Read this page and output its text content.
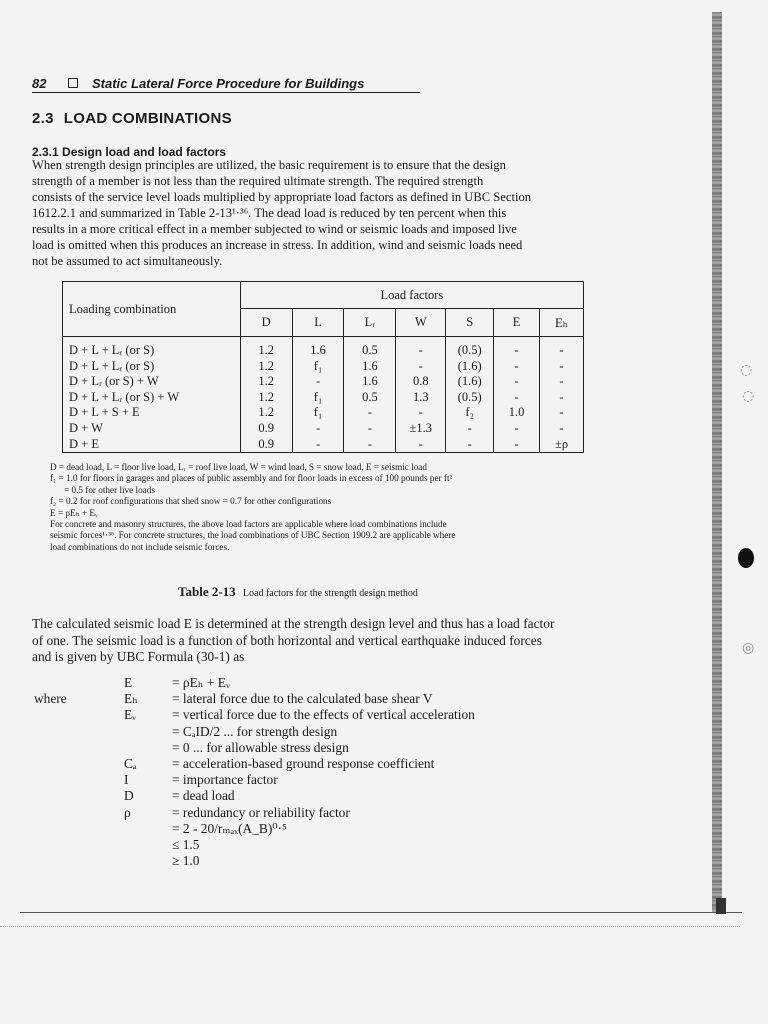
82	Static Lateral Force Procedure for Buildings
2.3 LOAD COMBINATIONS
2.3.1 Design load and load factors
When strength design principles are utilized, the basic requirement is to ensure that the design
strength of a member is not less than the required ultimate strength. The required strength
consists of the service level loads multiplied by appropriate load factors as defined in UBC Section
1612.2.1 and summarized in Table 2-13¹·³⁶. The dead load is reduced by ten percent when this
results in a more critical effect in a member subjected to wind or seismic loads and imposed live
load is omitted when this produces an increase in stress. In addition, wind and seismic loads need
not be assumed to act simultaneously.
Loading combination	Load factors						
	D	L	Lᵣ	W	S	E	Eₕ
D + L + Lᵣ (or S)	1.2	1.6	0.5	-	(0.5)	-	-
D + L + Lᵣ (or S)	1.2	f₁	1.6	-	(1.6)	-	-
D + Lᵣ (or S) + W	1.2	-	1.6	0.8	(1.6)	-	-
D + L + Lᵣ (or S) + W	1.2	f₁	0.5	1.3	(0.5)	-	-
D + L + S + E	1.2	f₁	-	-	f₂	1.0	-
D + W	0.9	-	-	±1.3	-	-	-
D + E	0.9	-	-	-	-	-	±ρ
D = dead load, L = floor live load, Lᵣ = roof live load, W = wind load, S = snow load, E = seismic load
f₁ = 1.0 for floors in garages and places of public assembly and for floor loads in excess of 100 pounds per ft²
= 0.5 for other live loads
f₂ = 0.2 for roof configurations that shed snow = 0.7 for other configurations
E = ρEₕ + Eᵥ
For concrete and masonry structures, the above load factors are applicable where load combinations include
seismic forces¹·³⁶. For concrete structures, the load combinations of UBC Section 1909.2 are applicable where
load combinations do not include seismic forces.
Table 2-13 Load factors for the strength design method
The calculated seismic load E is determined at the strength design level and thus has a load factor
of one. The seismic load is a function of both horizontal and vertical earthquake induced forces
and is given by UBC Formula (30-1) as
E	= ρEₕ + Eᵥ
where	Eₕ	= lateral force due to the calculated base shear V
Eᵥ	= vertical force due to the effects of vertical acceleration
= CₐID/2 ... for strength design
= 0 ... for allowable stress design
Cₐ	= acceleration-based ground response coefficient
I	= importance factor
D	= dead load
ρ	= redundancy or reliability factor
= 2 - 20/rₘₐₓ(A_B)⁰·⁵
≤ 1.5
≥ 1.0
◎
◌
◌
